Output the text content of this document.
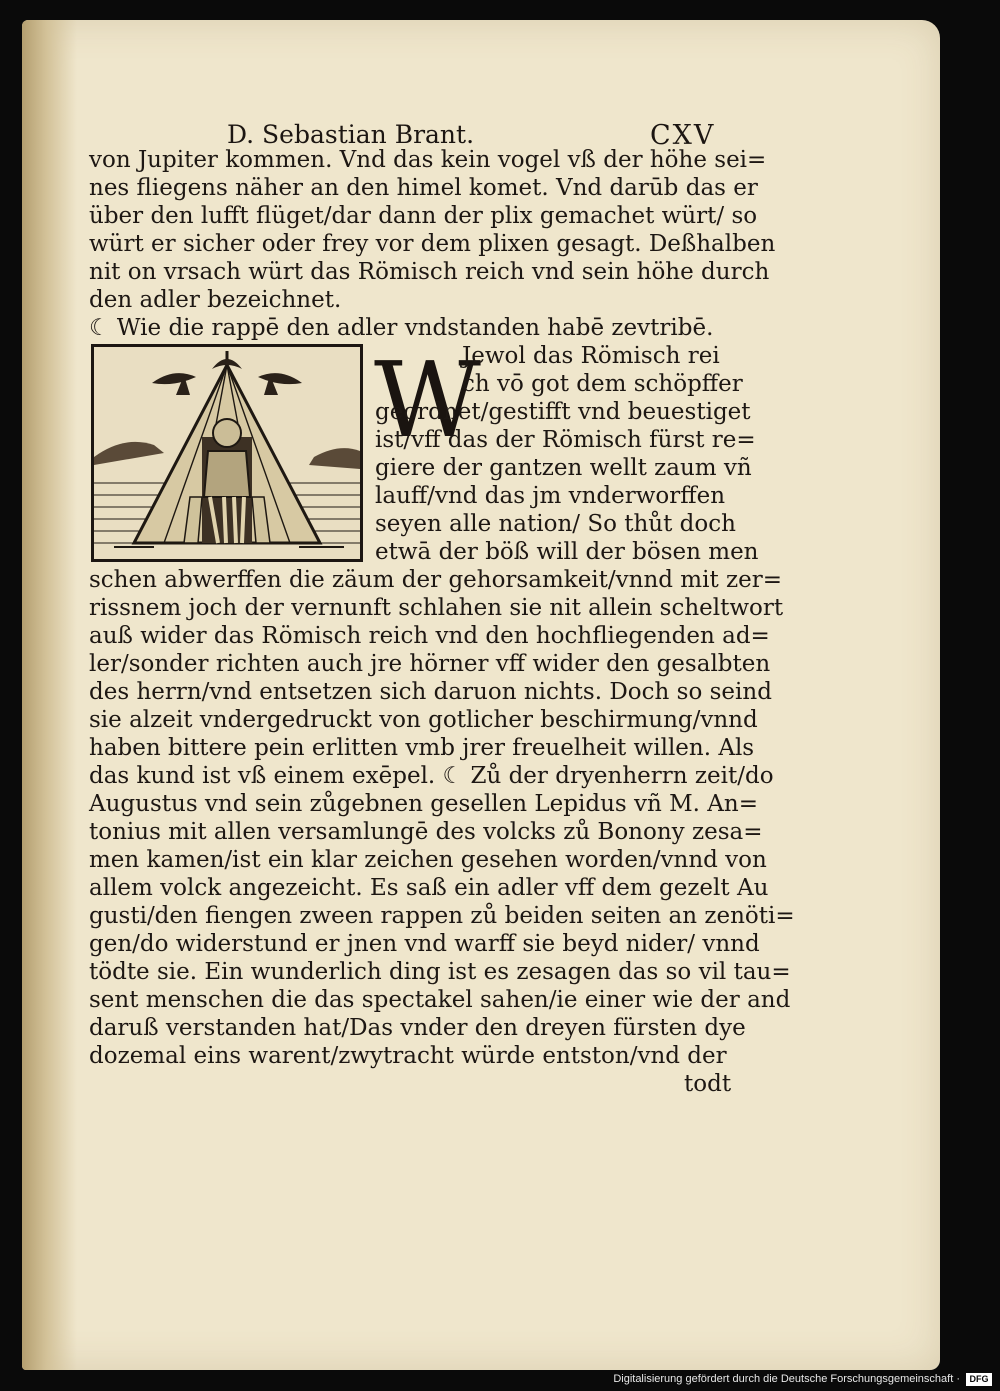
D. Sebastian Brant.	CXV
von Jupiter kommen. Vnd das kein vogel vß der höhe sei=
nes fliegens näher an den himel komet. Vnd darūb das er
über den lufft flüget/dar dann der plix gemachet würt/ so
würt er sicher oder frey vor dem plixen gesagt. Deßhalben
nit on vrsach würt das Römisch reich vnd sein höhe durch
den adler bezeichnet.
☾ Wie die rappē den adler vndstanden habē zevtribē.
W
Jewol das Römisch rei
ch vō got dem schöpffer
geordnet/gestifft vnd beuestiget
ist/vff das der Römisch fürst re=
giere der gantzen wellt zaum vñ
lauff/vnd das jm vnderworffen
seyen alle nation/ So thůt doch
etwā der böß will der bösen men
schen abwerffen die zäum der gehorsamkeit/vnnd mit zer=
rissnem joch der vernunft schlahen sie nit allein scheltwort
auß wider das Römisch reich vnd den hochfliegenden ad=
ler/sonder richten auch jre hörner vff wider den gesalbten
des herrn/vnd entsetzen sich daruon nichts. Doch so seind
sie alzeit vndergedruckt von gotlicher beschirmung/vnnd
haben bittere pein erlitten vmb jrer freuelheit willen. Als
das kund ist vß einem exēpel. ☾ Zů der dryenherrn zeit/do
Augustus vnd sein zůgebnen gesellen Lepidus vñ M. An=
tonius mit allen versamlungē des volcks zů Bonony zesa=
men kamen/ist ein klar zeichen gesehen worden/vnnd von
allem volck angezeicht. Es saß ein adler vff dem gezelt Au
gusti/den fiengen zween rappen zů beiden seiten an zenöti=
gen/do widerstund er jnen vnd warff sie beyd nider/ vnnd
tödte sie. Ein wunderlich ding ist es zesagen das so vil tau=
sent menschen die das spectakel sahen/ie einer wie der and
daruß verstanden hat/Das vnder den dreyen fürsten dye
dozemal eins warent/zwytracht würde entston/vnd der
todt
Digitalisierung gefördert durch die Deutsche Forschungsgemeinschaft ·	DFG
